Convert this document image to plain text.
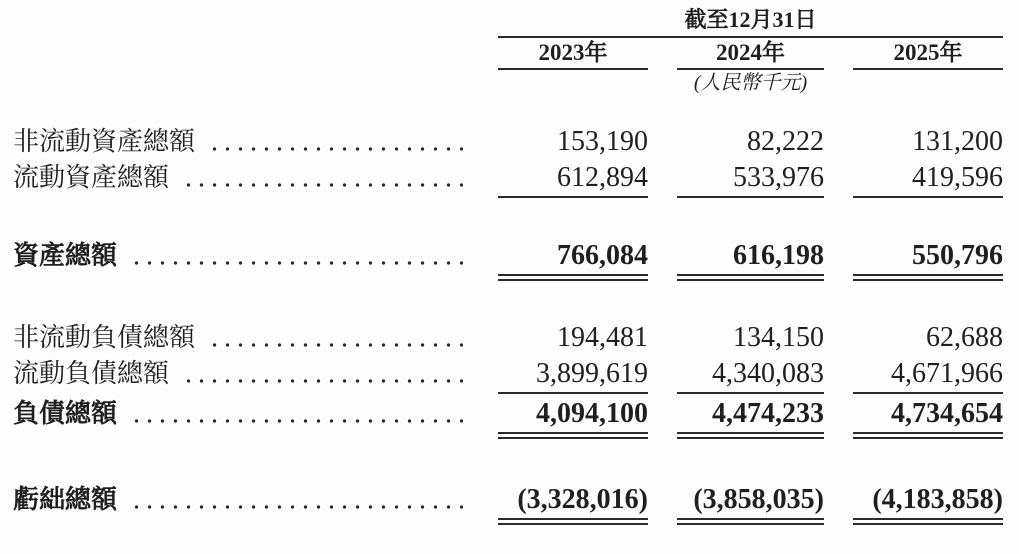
截至12月31日
2023年	2024年	2025年
(人民幣千元)
非流動資產總額	153,190	82,222	131,200
流動資產總額	612,894	533,976	419,596
資產總額	766,084	616,198	550,796
非流動負債總額	194,481	134,150	62,688
流動負債總額	3,899,619	4,340,083	4,671,966
負債總額	4,094,100	4,474,233	4,734,654
虧絀總額	(3,328,016)	(3,858,035)	(4,183,858)
